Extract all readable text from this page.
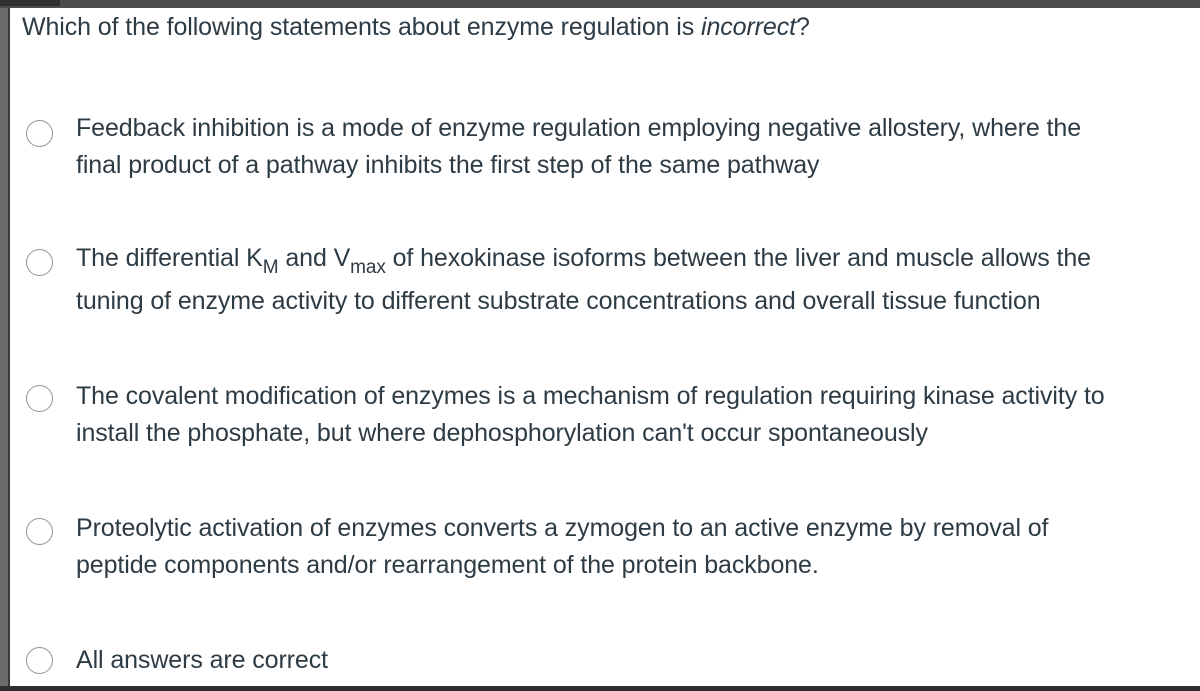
Which of the following statements about enzyme regulation is incorrect?
Feedback inhibition is a mode of enzyme regulation employing negative allostery, where the
final product of a pathway inhibits the first step of the same pathway
The differential $K_M$ and $V_{max}$ of hexokinase isoforms between the liver and muscle allows the
tuning of enzyme activity to different substrate concentrations and overall tissue function
The covalent modification of enzymes is a mechanism of regulation requiring kinase activity to
install the phosphate, but where dephosphorylation can't occur spontaneously
Proteolytic activation of enzymes converts a zymogen to an active enzyme by removal of
peptide components and/or rearrangement of the protein backbone.
All answers are correct
